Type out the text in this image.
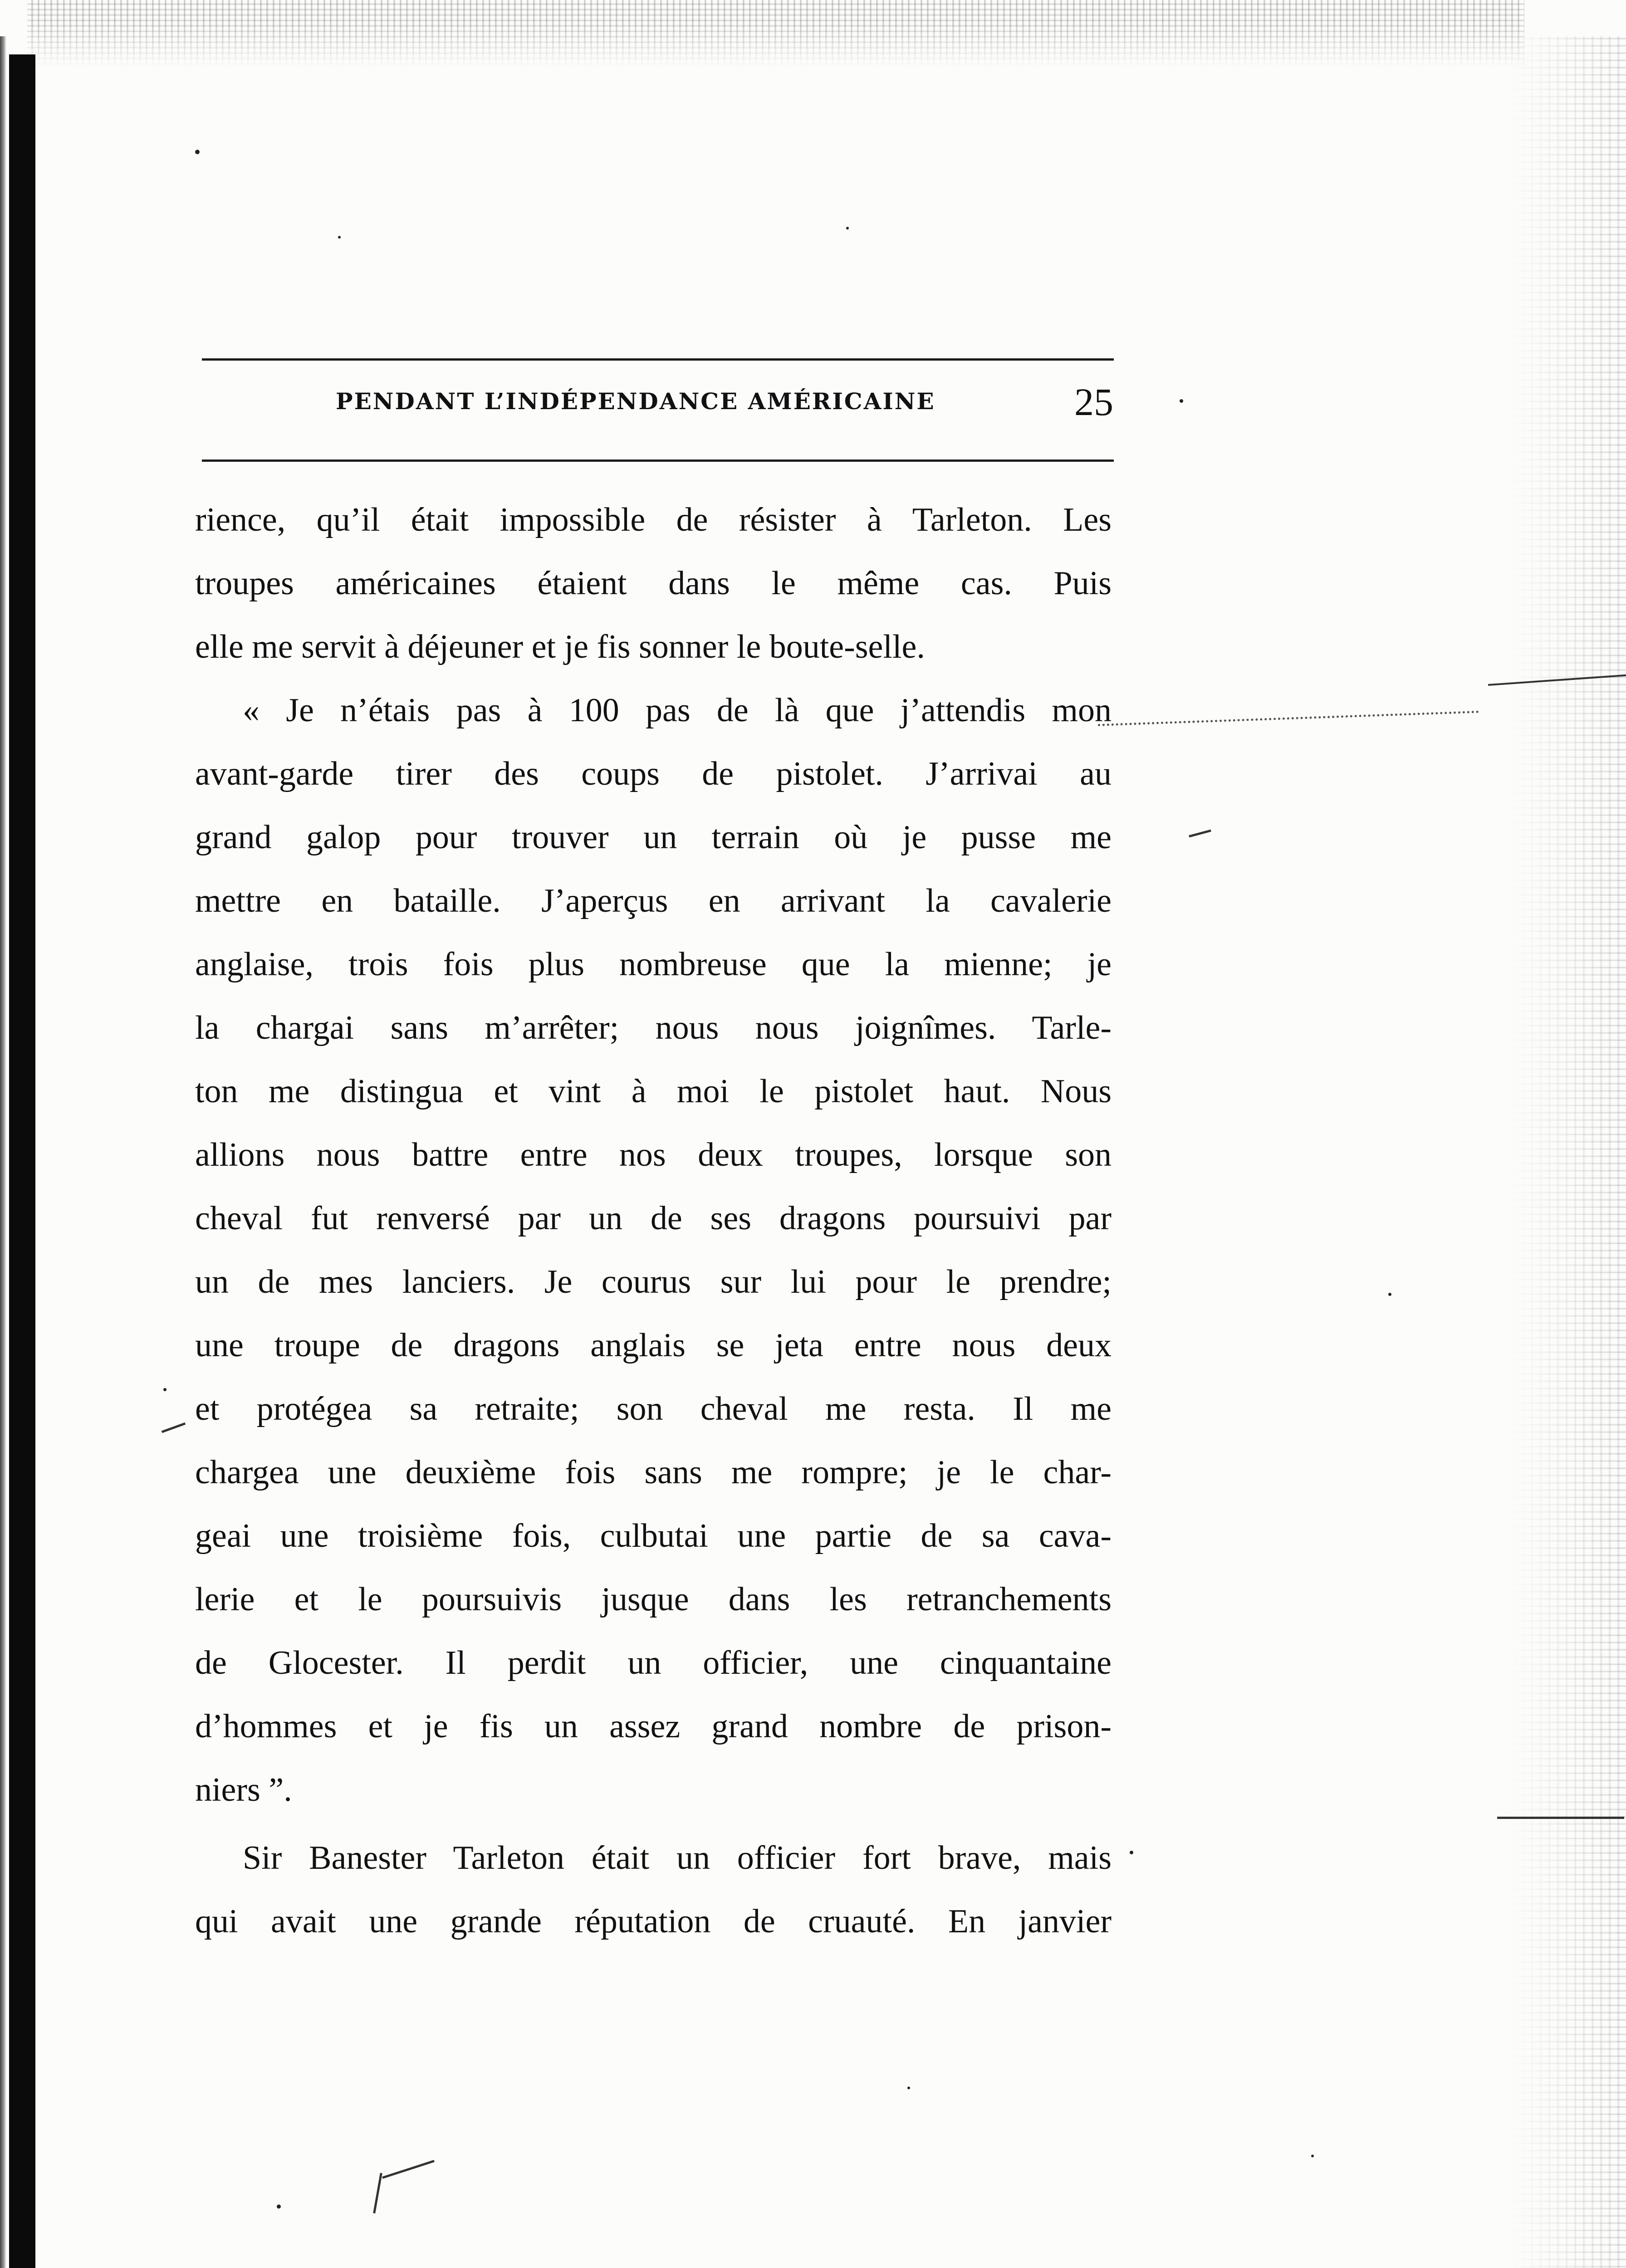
PENDANT L’INDÉPENDANCE AMÉRICAINE	25
rience, qu’il était impossible de résister à Tarleton. Les
troupes américaines étaient dans le même cas. Puis
elle me servit à déjeuner et je fis sonner le boute-selle.
« Je n’étais pas à 100 pas de là que j’attendis mon
avant-garde tirer des coups de pistolet. J’arrivai au
grand galop pour trouver un terrain où je pusse me
mettre en bataille. J’aperçus en arrivant la cavalerie
anglaise, trois fois plus nombreuse que la mienne; je
la chargai sans m’arrêter; nous nous joignîmes. Tarle-
ton me distingua et vint à moi le pistolet haut. Nous
allions nous battre entre nos deux troupes, lorsque son
cheval fut renversé par un de ses dragons poursuivi par
un de mes lanciers. Je courus sur lui pour le prendre;
une troupe de dragons anglais se jeta entre nous deux
et protégea sa retraite; son cheval me resta. Il me
chargea une deuxième fois sans me rompre; je le char-
geai une troisième fois, culbutai une partie de sa cava-
lerie et le poursuivis jusque dans les retranchements
de Glocester. Il perdit un officier, une cinquantaine
d’hommes et je fis un assez grand nombre de prison-
niers ”.
Sir Banester Tarleton était un officier fort brave, mais
qui avait une grande réputation de cruauté. En janvier
